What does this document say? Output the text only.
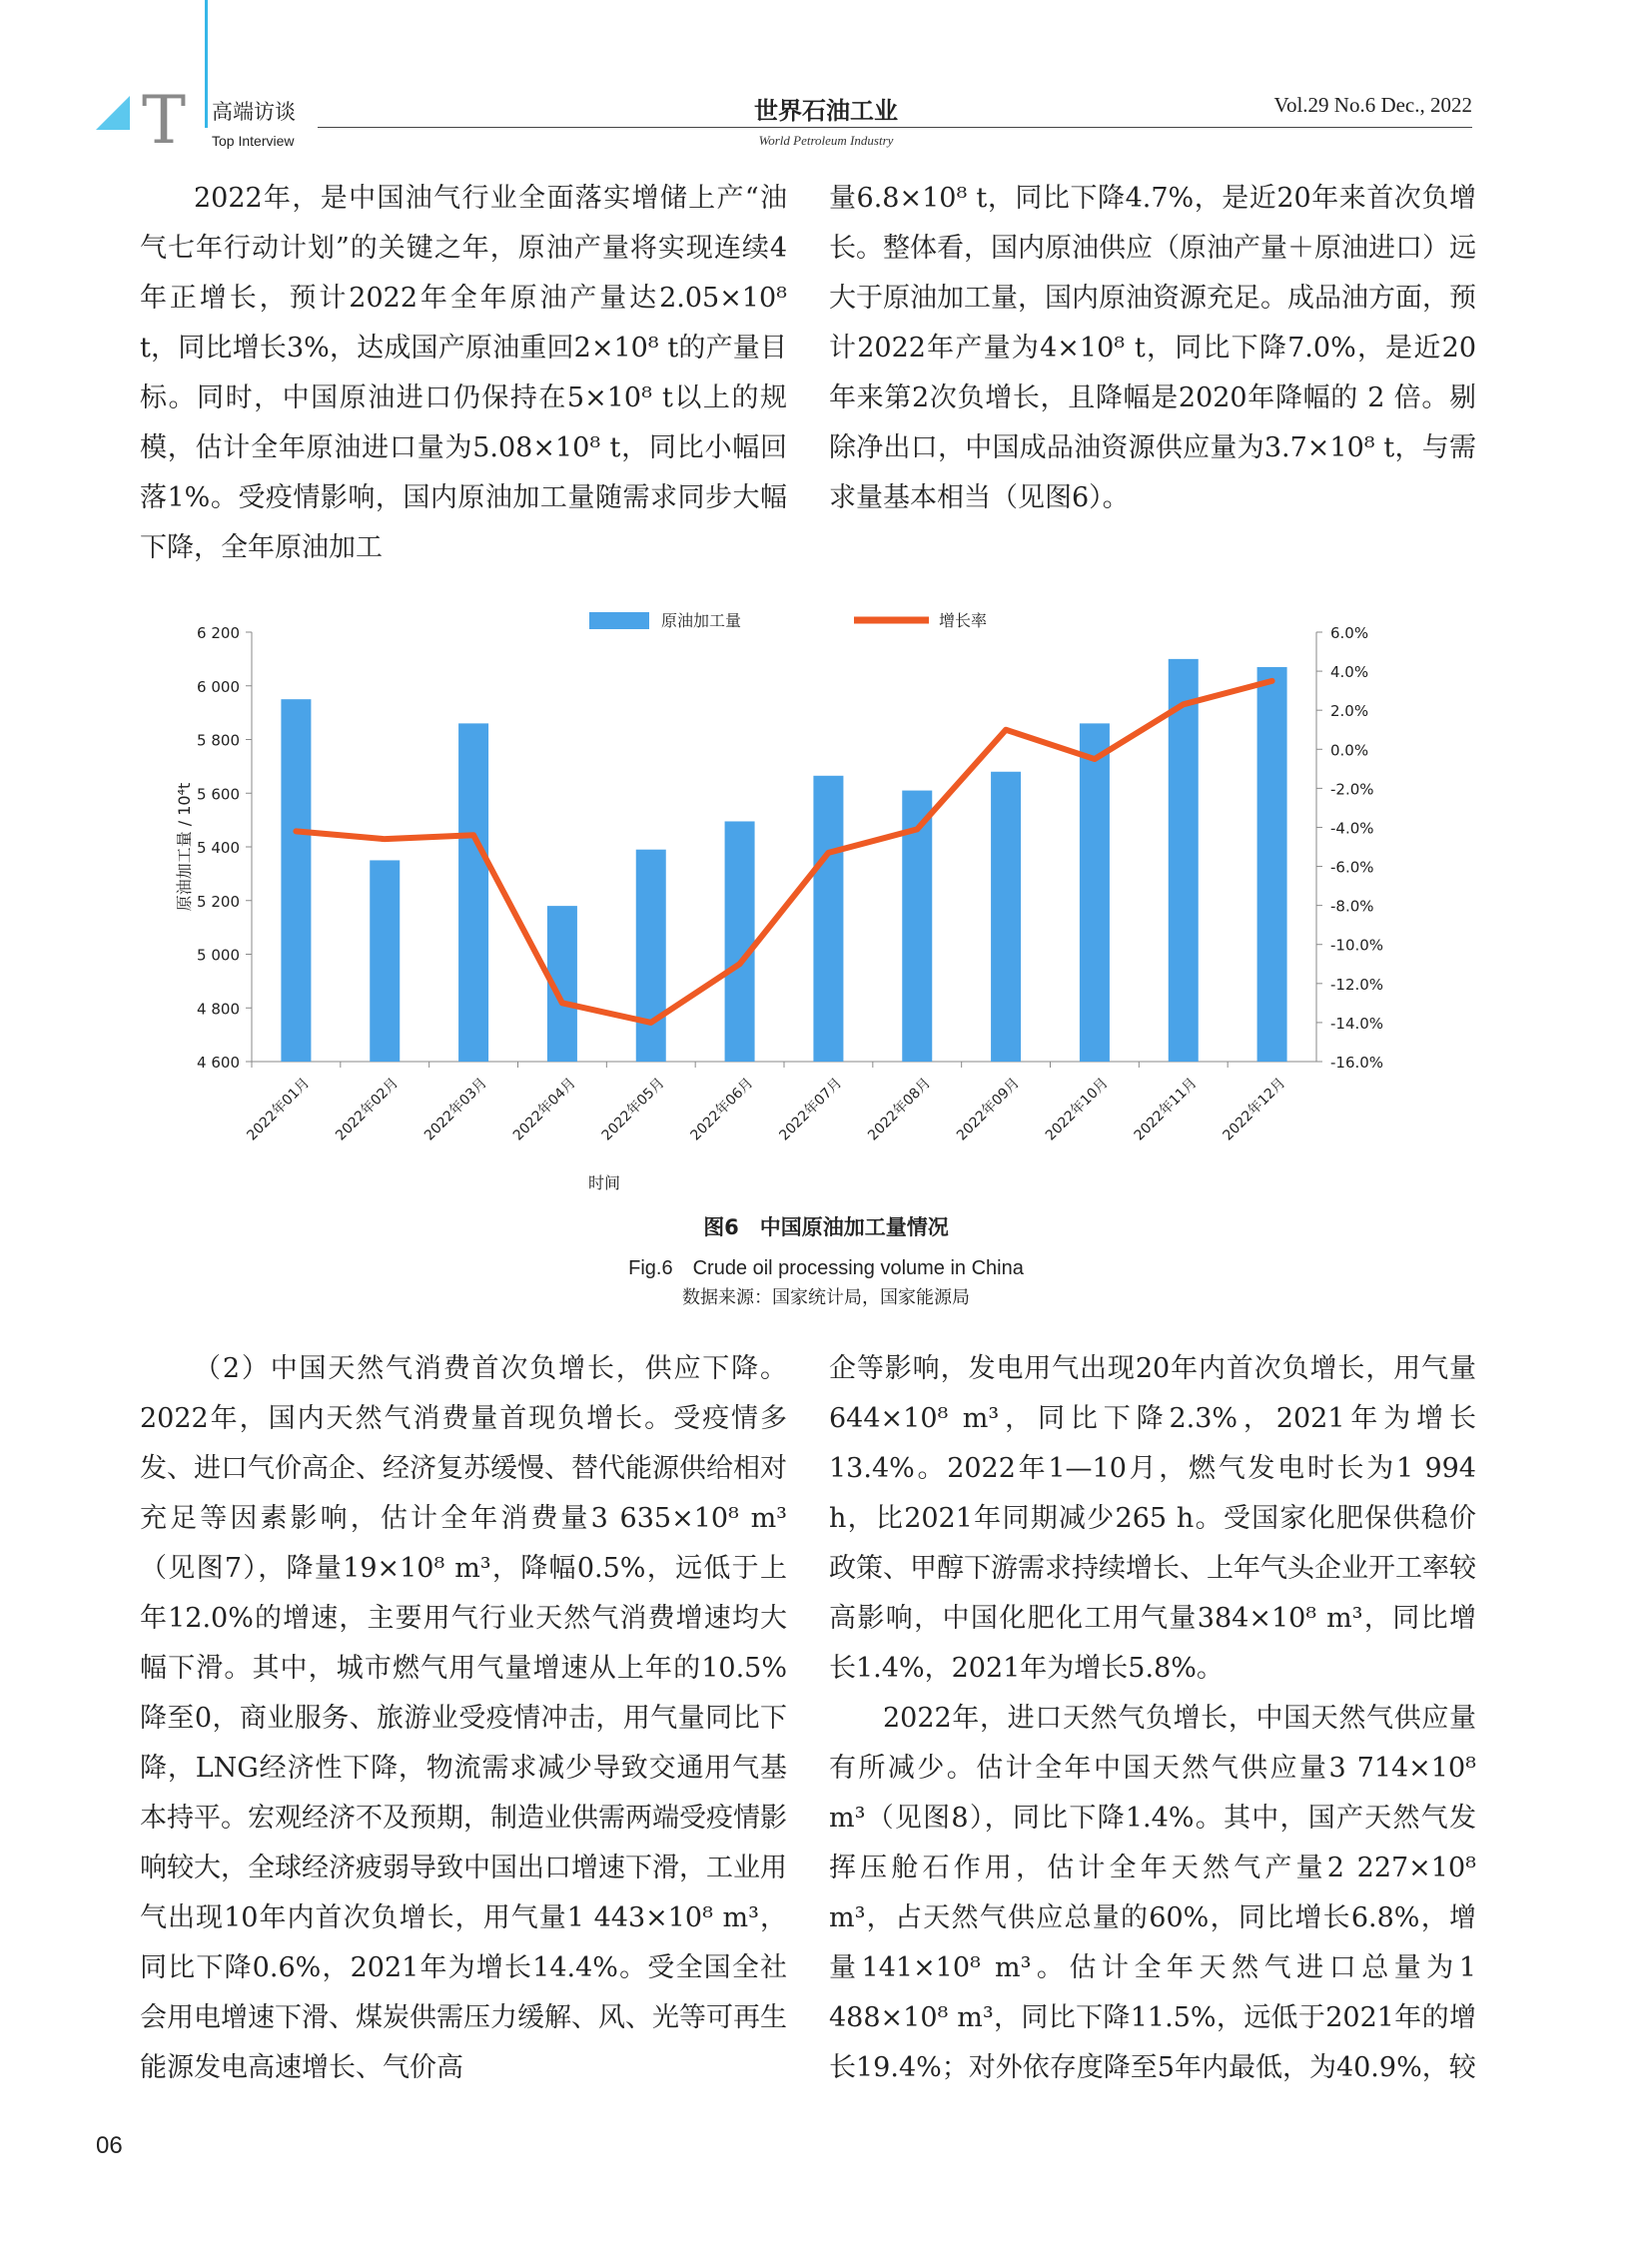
T 高端访谈
Top Interview
世界石油工业
World Petroleum Industry
Vol.29 No.6 Dec., 2022

2022年，是中国油气行业全面落实增储上产“油气七年行动计划”的关键之年，原油产量将实现连续4年正增长，预计2022年全年原油产量达2.05×10⁸ t，同比增长3%，达成国产原油重回2×10⁸ t的产量目标。同时，中国原油进口仍保持在5×10⁸ t以上的规模，估计全年原油进口量为5.08×10⁸ t，同比小幅回落1%。受疫情影响，国内原油加工量随需求同步大幅下降，全年原油加工

量6.8×10⁸ t，同比下降4.7%，是近20年来首次负增长。整体看，国内原油供应（原油产量＋原油进口）远大于原油加工量，国内原油资源充足。成品油方面，预计2022年产量为4×10⁸ t，同比下降7.0%，是近20年来第2次负增长，且降幅是2020年降幅的 2 倍。剔除净出口，中国成品油资源供应量为3.7×10⁸ t，与需求量基本相当（见图6）。

原油加工量	增长率
4 600
4 800
5 000
5 200
5 400
5 600
5 800
6 000
6 200	6.0%
4.0%
2.0%
0.0%
-2.0%
-4.0%
-6.0%
-8.0%
-10.0%
-12.0%
-14.0%
-16.0%
2022年01月 2022年02月 2022年03月 2022年04月 2022年05月 2022年06月 2022年07月 2022年08月 2022年09月 2022年10月 2022年11月 2022年12月
原油加工量 / 10⁴t
时间
图6　中国原油加工量情况
Fig.6　Crude oil processing volume in China
数据来源：国家统计局，国家能源局

（2）中国天然气消费首次负增长，供应下降。2022年，国内天然气消费量首现负增长。受疫情多发、进口气价高企、经济复苏缓慢、替代能源供给相对充足等因素影响，估计全年消费量3 635×10⁸ m³（见图7），降量19×10⁸ m³，降幅0.5%，远低于上年12.0%的增速，主要用气行业天然气消费增速均大幅下滑。其中，城市燃气用气量增速从上年的10.5%降至0，商业服务、旅游业受疫情冲击，用气量同比下降，LNG经济性下降，物流需求减少导致交通用气基本持平。宏观经济不及预期，制造业供需两端受疫情影响较大，全球经济疲弱导致中国出口增速下滑，工业用气出现10年内首次负增长，用气量1 443×10⁸ m³，同比下降0.6%，2021年为增长14.4%。受全国全社会用电增速下滑、煤炭供需压力缓解、风、光等可再生能源发电高速增长、气价高

企等影响，发电用气出现20年内首次负增长，用气量644×10⁸ m³，同比下降2.3%，2021年为增长13.4%。2022年1—10月，燃气发电时长为1 994 h，比2021年同期减少265 h。受国家化肥保供稳价政策、甲醇下游需求持续增长、上年气头企业开工率较高影响，中国化肥化工用气量384×10⁸ m³，同比增长1.4%，2021年为增长5.8%。

2022年，进口天然气负增长，中国天然气供应量有所减少。估计全年中国天然气供应量3 714×10⁸ m³（见图8），同比下降1.4%。其中，国产天然气发挥压舱石作用，估计全年天然气产量2 227×10⁸ m³，占天然气供应总量的60%，同比增长6.8%，增量141×10⁸ m³。估计全年天然气进口总量为1 488×10⁸ m³，同比下降11.5%，远低于2021年的增长19.4%；对外依存度降至5年内最低，为40.9%，较

06
